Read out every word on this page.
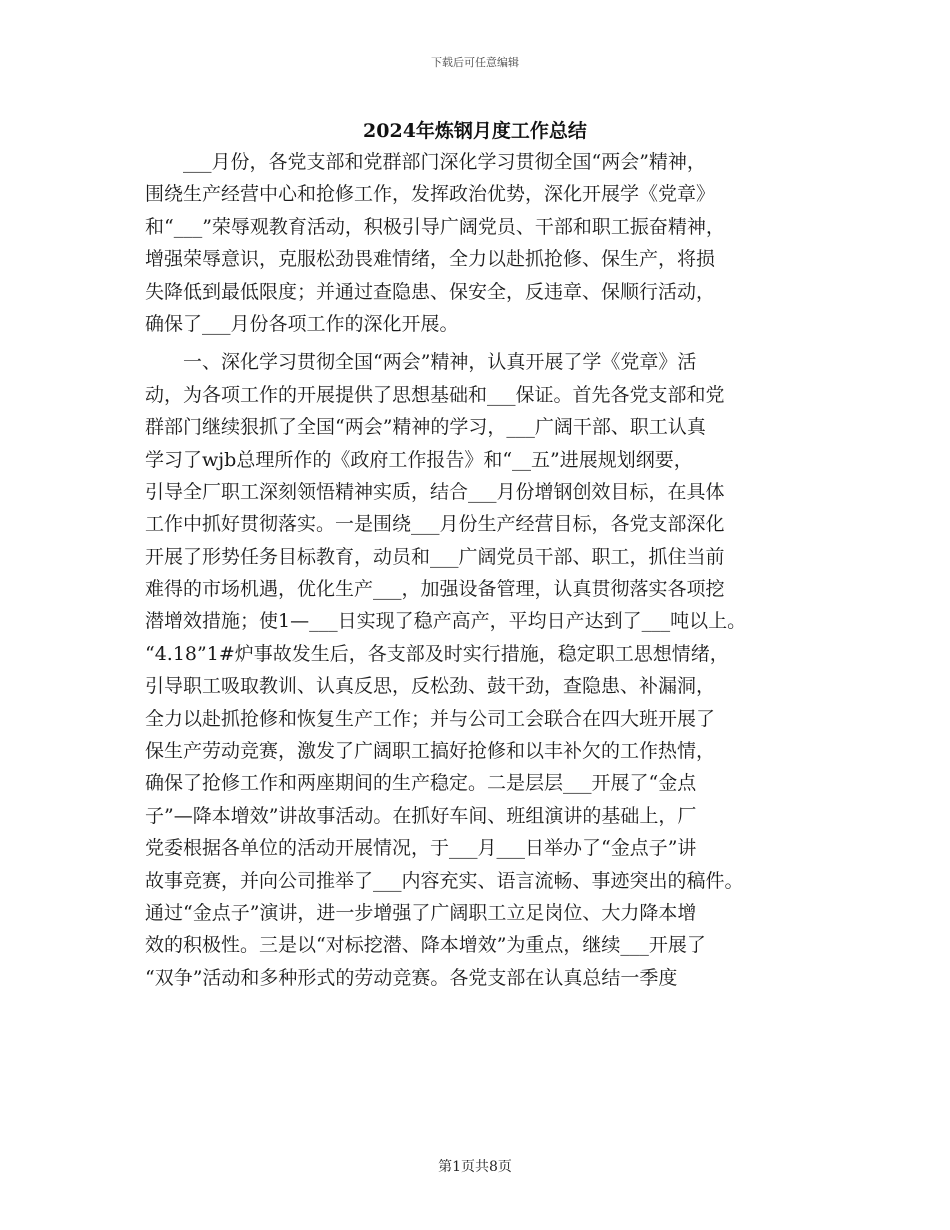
下载后可任意编辑
2024年炼钢月度工作总结
___月份，各党支部和党群部门深化学习贯彻全国“两会”精神，
围绕生产经营中心和抢修工作，发挥政治优势，深化开展学《党章》
和“___”荣辱观教育活动，积极引导广阔党员、干部和职工振奋精神，
增强荣辱意识，克服松劲畏难情绪，全力以赴抓抢修、保生产，将损
失降低到最低限度；并通过查隐患、保安全，反违章、保顺行活动，
确保了___月份各项工作的深化开展。
一、深化学习贯彻全国“两会”精神，认真开展了学《党章》活
动，为各项工作的开展提供了思想基础和___保证。首先各党支部和党
群部门继续狠抓了全国“两会”精神的学习，___广阔干部、职工认真
学习了wjb总理所作的《政府工作报告》和“__五”进展规划纲要，
引导全厂职工深刻领悟精神实质，结合___月份增钢创效目标，在具体
工作中抓好贯彻落实。一是围绕___月份生产经营目标，各党支部深化
开展了形势任务目标教育，动员和___广阔党员干部、职工，抓住当前
难得的市场机遇，优化生产___，加强设备管理，认真贯彻落实各项挖
潜增效措施；使1—___日实现了稳产高产，平均日产达到了___吨以上。
“4.18”1#炉事故发生后，各支部及时实行措施，稳定职工思想情绪，
引导职工吸取教训、认真反思，反松劲、鼓干劲，查隐患、补漏洞，
全力以赴抓抢修和恢复生产工作；并与公司工会联合在四大班开展了
保生产劳动竞赛，激发了广阔职工搞好抢修和以丰补欠的工作热情，
确保了抢修工作和两座期间的生产稳定。二是层层___开展了“金点
子”—降本增效”讲故事活动。在抓好车间、班组演讲的基础上，厂
党委根据各单位的活动开展情况，于___月___日举办了“金点子”讲
故事竞赛，并向公司推举了___内容充实、语言流畅、事迹突出的稿件。
通过“金点子”演讲，进一步增强了广阔职工立足岗位、大力降本增
效的积极性。三是以“对标挖潜、降本增效”为重点，继续___开展了
“双争”活动和多种形式的劳动竞赛。各党支部在认真总结一季度
第1页共8页
